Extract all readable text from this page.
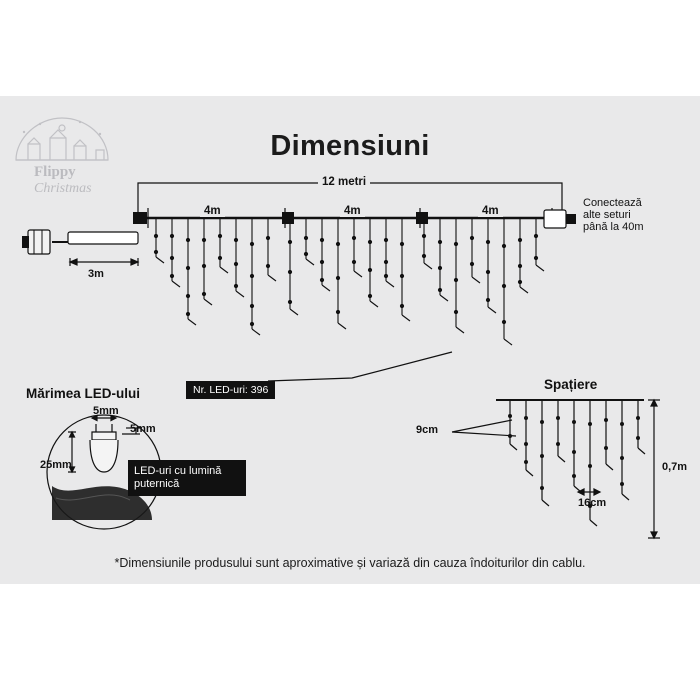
Flippy
Christmas
Dimensiuni
12 metri
4m	4m	4m
3m
Conectează
alte seturi
până la 40m
Nr. LED-uri: 396
Mărimea LED-ului
5mm
5mm
25mm	LED-uri cu lumină
puternică
Spațiere
9cm
16cm
0,7m
*Dimensiunile produsului sunt aproximative și variază din cauza îndoiturilor din cablu.
